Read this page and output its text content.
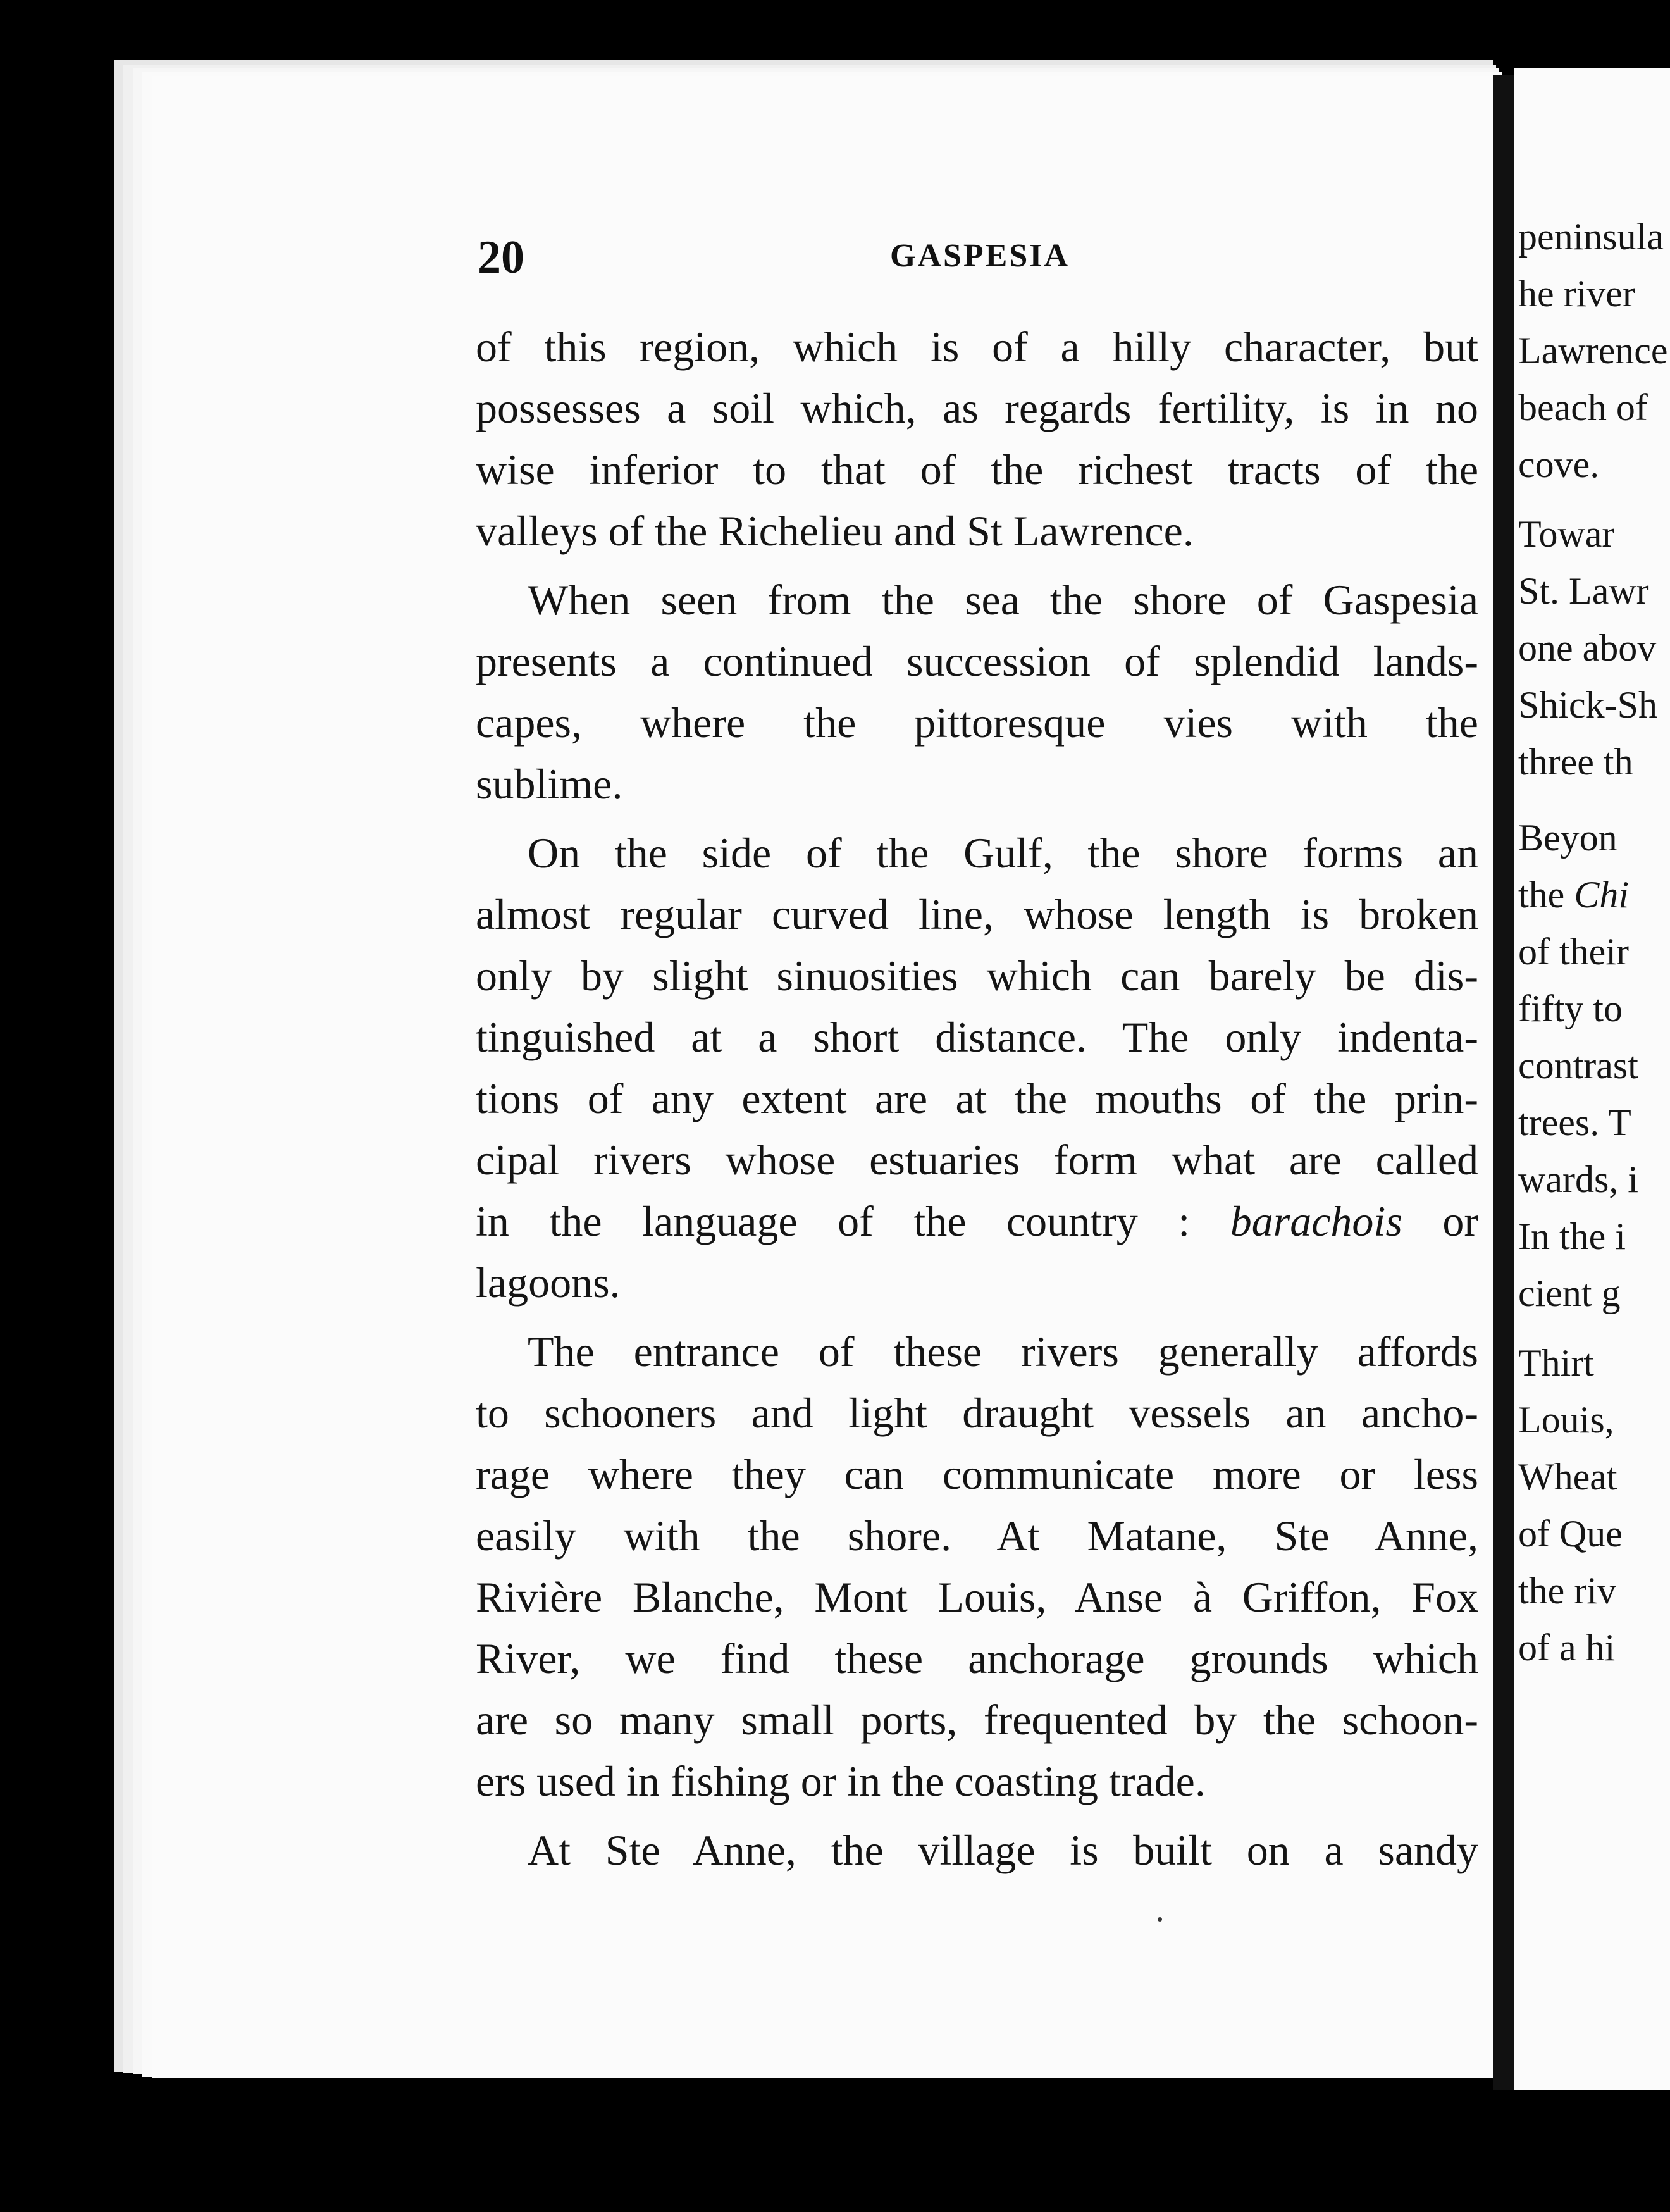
20	GASPESIA
of this region, which is of a hilly character, but
possesses a soil which, as regards fertility, is in no
wise inferior to that of the richest tracts of the
valleys of the Richelieu and St Lawrence.
When seen from the sea the shore of Gaspesia
presents a continued succession of splendid lands-
capes, where the pittoresque vies with the
sublime.
On the side of the Gulf, the shore forms an
almost regular curved line, whose length is broken
only by slight sinuosities which can barely be dis-
tinguished at a short distance. The only indenta-
tions of any extent are at the mouths of the prin-
cipal rivers whose estuaries form what are called
in the language of the country : barachois or
lagoons.
The entrance of these rivers generally affords
to schooners and light draught vessels an ancho-
rage where they can communicate more or less
easily with the shore. At Matane, Ste Anne,
Rivière Blanche, Mont Louis, Anse à Griffon, Fox
River, we find these anchorage grounds which
are so many small ports, frequented by the schoon-
ers used in fishing or in the coasting trade.
At Ste Anne, the village is built on a sandy
peninsula
he river
Lawrence
beach of
cove.
Towar
St. Lawr
one abov
Shick-Sh
three th
Beyon
the Chi
of their
fifty to
contrast
trees. T
wards, i
In the i
cient g
Thirt
Louis,
Wheat
of Que
the riv
of a hi
